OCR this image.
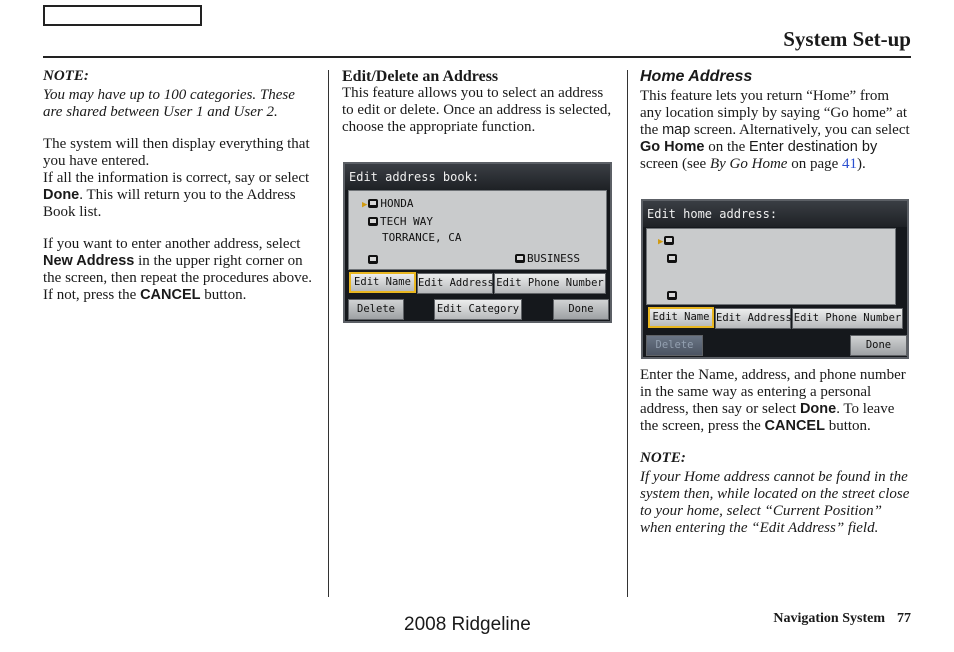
System Set-up
NOTE:

You may have up to 100 categories. These are shared between User 1 and User 2.

The system will then display everything that you have entered.
If all the information is correct, say or select Done. This will return you to the Address Book list.

If you want to enter another address, select New Address in the upper right corner on the screen, then repeat the procedures above. If not, press the CANCEL button.

Edit/Delete an Address

This feature allows you to select an address to edit or delete. Once an address is selected, choose the appropriate function.

Edit address book:
▶ HONDA
TECH WAY
TORRANCE, CA
BUSINESS
Edit Name Edit Address Edit Phone Number
Delete	Edit Category	Done
Home Address

This feature lets you return “Home” from any location simply by saying “Go home” at the map screen. Alternatively, you can select Go Home on the Enter destination by screen (see By Go Home on page 41).

Edit home address:
▶
Edit Name Edit Address Edit Phone Number
Delete	Done

Enter the Name, address, and phone number in the same way as entering a personal address, then say or select Done. To leave the screen, press the CANCEL button.

NOTE:

If your Home address cannot be found in the system then, while located on the street close to your home, select “Current Position” when entering the “Edit Address” field.

2008 Ridgeline	Navigation System 77
